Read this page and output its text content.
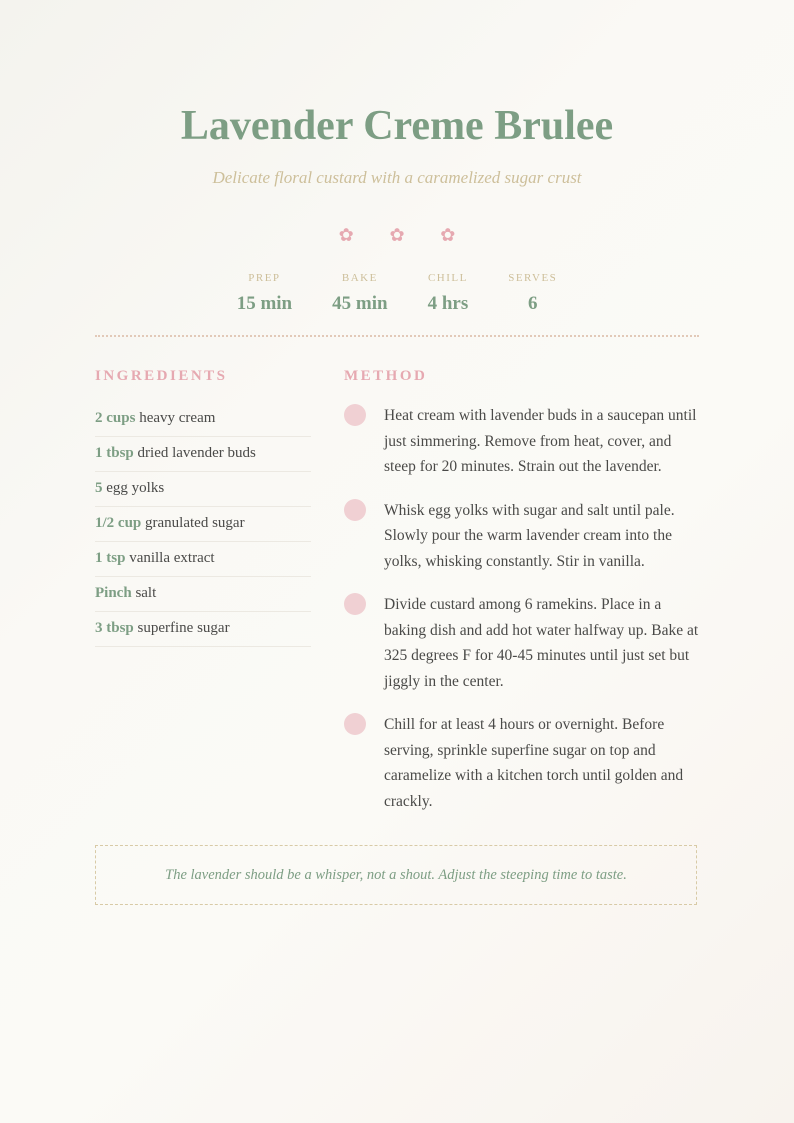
Lavender Creme Brulee
Delicate floral custard with a caramelized sugar crust
✿ ✿ ✿
PREP
15 min
BAKE
45 min
CHILL
4 hrs
SERVES
6
INGREDIENTS
2 cups heavy cream
1 tbsp dried lavender buds
5 egg yolks
1/2 cup granulated sugar
1 tsp vanilla extract
Pinch salt
3 tbsp superfine sugar
METHOD
Heat cream with lavender buds in a saucepan until just simmering. Remove from heat, cover, and steep for 20 minutes. Strain out the lavender.
Whisk egg yolks with sugar and salt until pale. Slowly pour the warm lavender cream into the yolks, whisking constantly. Stir in vanilla.
Divide custard among 6 ramekins. Place in a baking dish and add hot water halfway up. Bake at 325 degrees F for 40-45 minutes until just set but jiggly in the center.
Chill for at least 4 hours or overnight. Before serving, sprinkle superfine sugar on top and caramelize with a kitchen torch until golden and crackly.
The lavender should be a whisper, not a shout. Adjust the steeping time to taste.
